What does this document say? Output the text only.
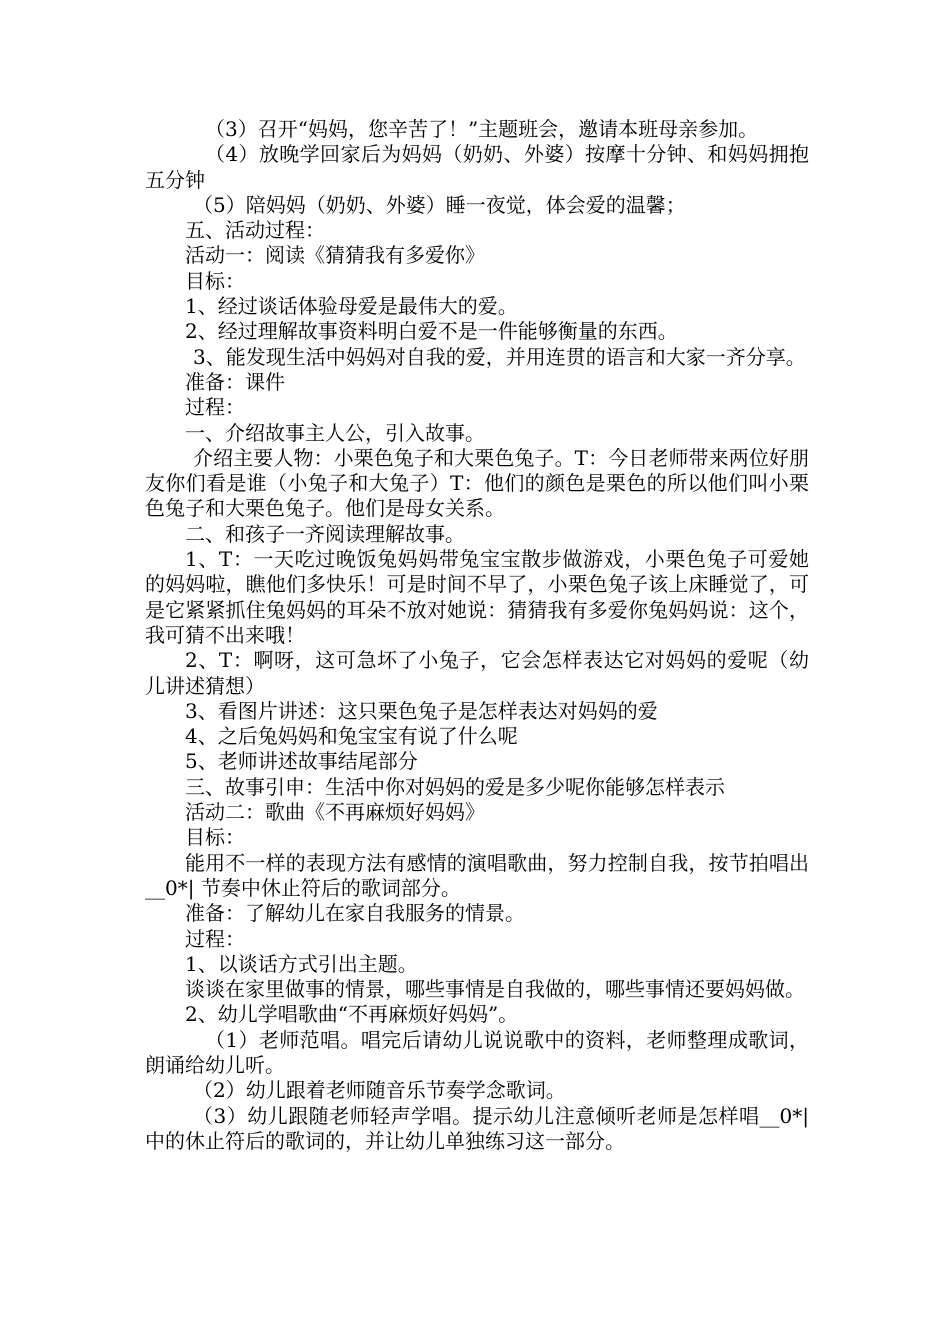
（3）召开“妈妈，您辛苦了！”主题班会，邀请本班母亲参加。

（4）放晚学回家后为妈妈（奶奶、外婆）按摩十分钟、和妈妈拥抱五分钟

（5）陪妈妈（奶奶、外婆）睡一夜觉，体会爱的温馨；

五、活动过程：

活动一：阅读《猜猜我有多爱你》

目标：

1、经过谈话体验母爱是最伟大的爱。

2、经过理解故事资料明白爱不是一件能够衡量的东西。

3、能发现生活中妈妈对自我的爱，并用连贯的语言和大家一齐分享。

准备：课件

过程：

一、介绍故事主人公，引入故事。

介绍主要人物：小栗色兔子和大栗色兔子。T：今日老师带来两位好朋友你们看是谁（小兔子和大兔子）T：他们的颜色是栗色的所以他们叫小栗色兔子和大栗色兔子。他们是母女关系。

二、和孩子一齐阅读理解故事。

1、T：一天吃过晚饭兔妈妈带兔宝宝散步做游戏，小栗色兔子可爱她的妈妈啦，瞧他们多快乐！可是时间不早了，小栗色兔子该上床睡觉了，可是它紧紧抓住兔妈妈的耳朵不放对她说：猜猜我有多爱你兔妈妈说：这个，我可猜不出来哦！

2、T：啊呀，这可急坏了小兔子，它会怎样表达它对妈妈的爱呢（幼儿讲述猜想）

3、看图片讲述：这只栗色兔子是怎样表达对妈妈的爱

4、之后兔妈妈和兔宝宝有说了什么呢

5、老师讲述故事结尾部分

三、故事引申：生活中你对妈妈的爱是多少呢你能够怎样表示

活动二：歌曲《不再麻烦好妈妈》

目标：

能用不一样的表现方法有感情的演唱歌曲，努力控制自我，按节拍唱出__0*| 节奏中休止符后的歌词部分。

准备：了解幼儿在家自我服务的情景。

过程：

1、以谈话方式引出主题。

谈谈在家里做事的情景，哪些事情是自我做的，哪些事情还要妈妈做。

2、幼儿学唱歌曲“不再麻烦好妈妈”。

（1）老师范唱。唱完后请幼儿说说歌中的资料，老师整理成歌词，朗诵给幼儿听。

（2）幼儿跟着老师随音乐节奏学念歌词。

（3）幼儿跟随老师轻声学唱。提示幼儿注意倾听老师是怎样唱__0*| 中的休止符后的歌词的，并让幼儿单独练习这一部分。
